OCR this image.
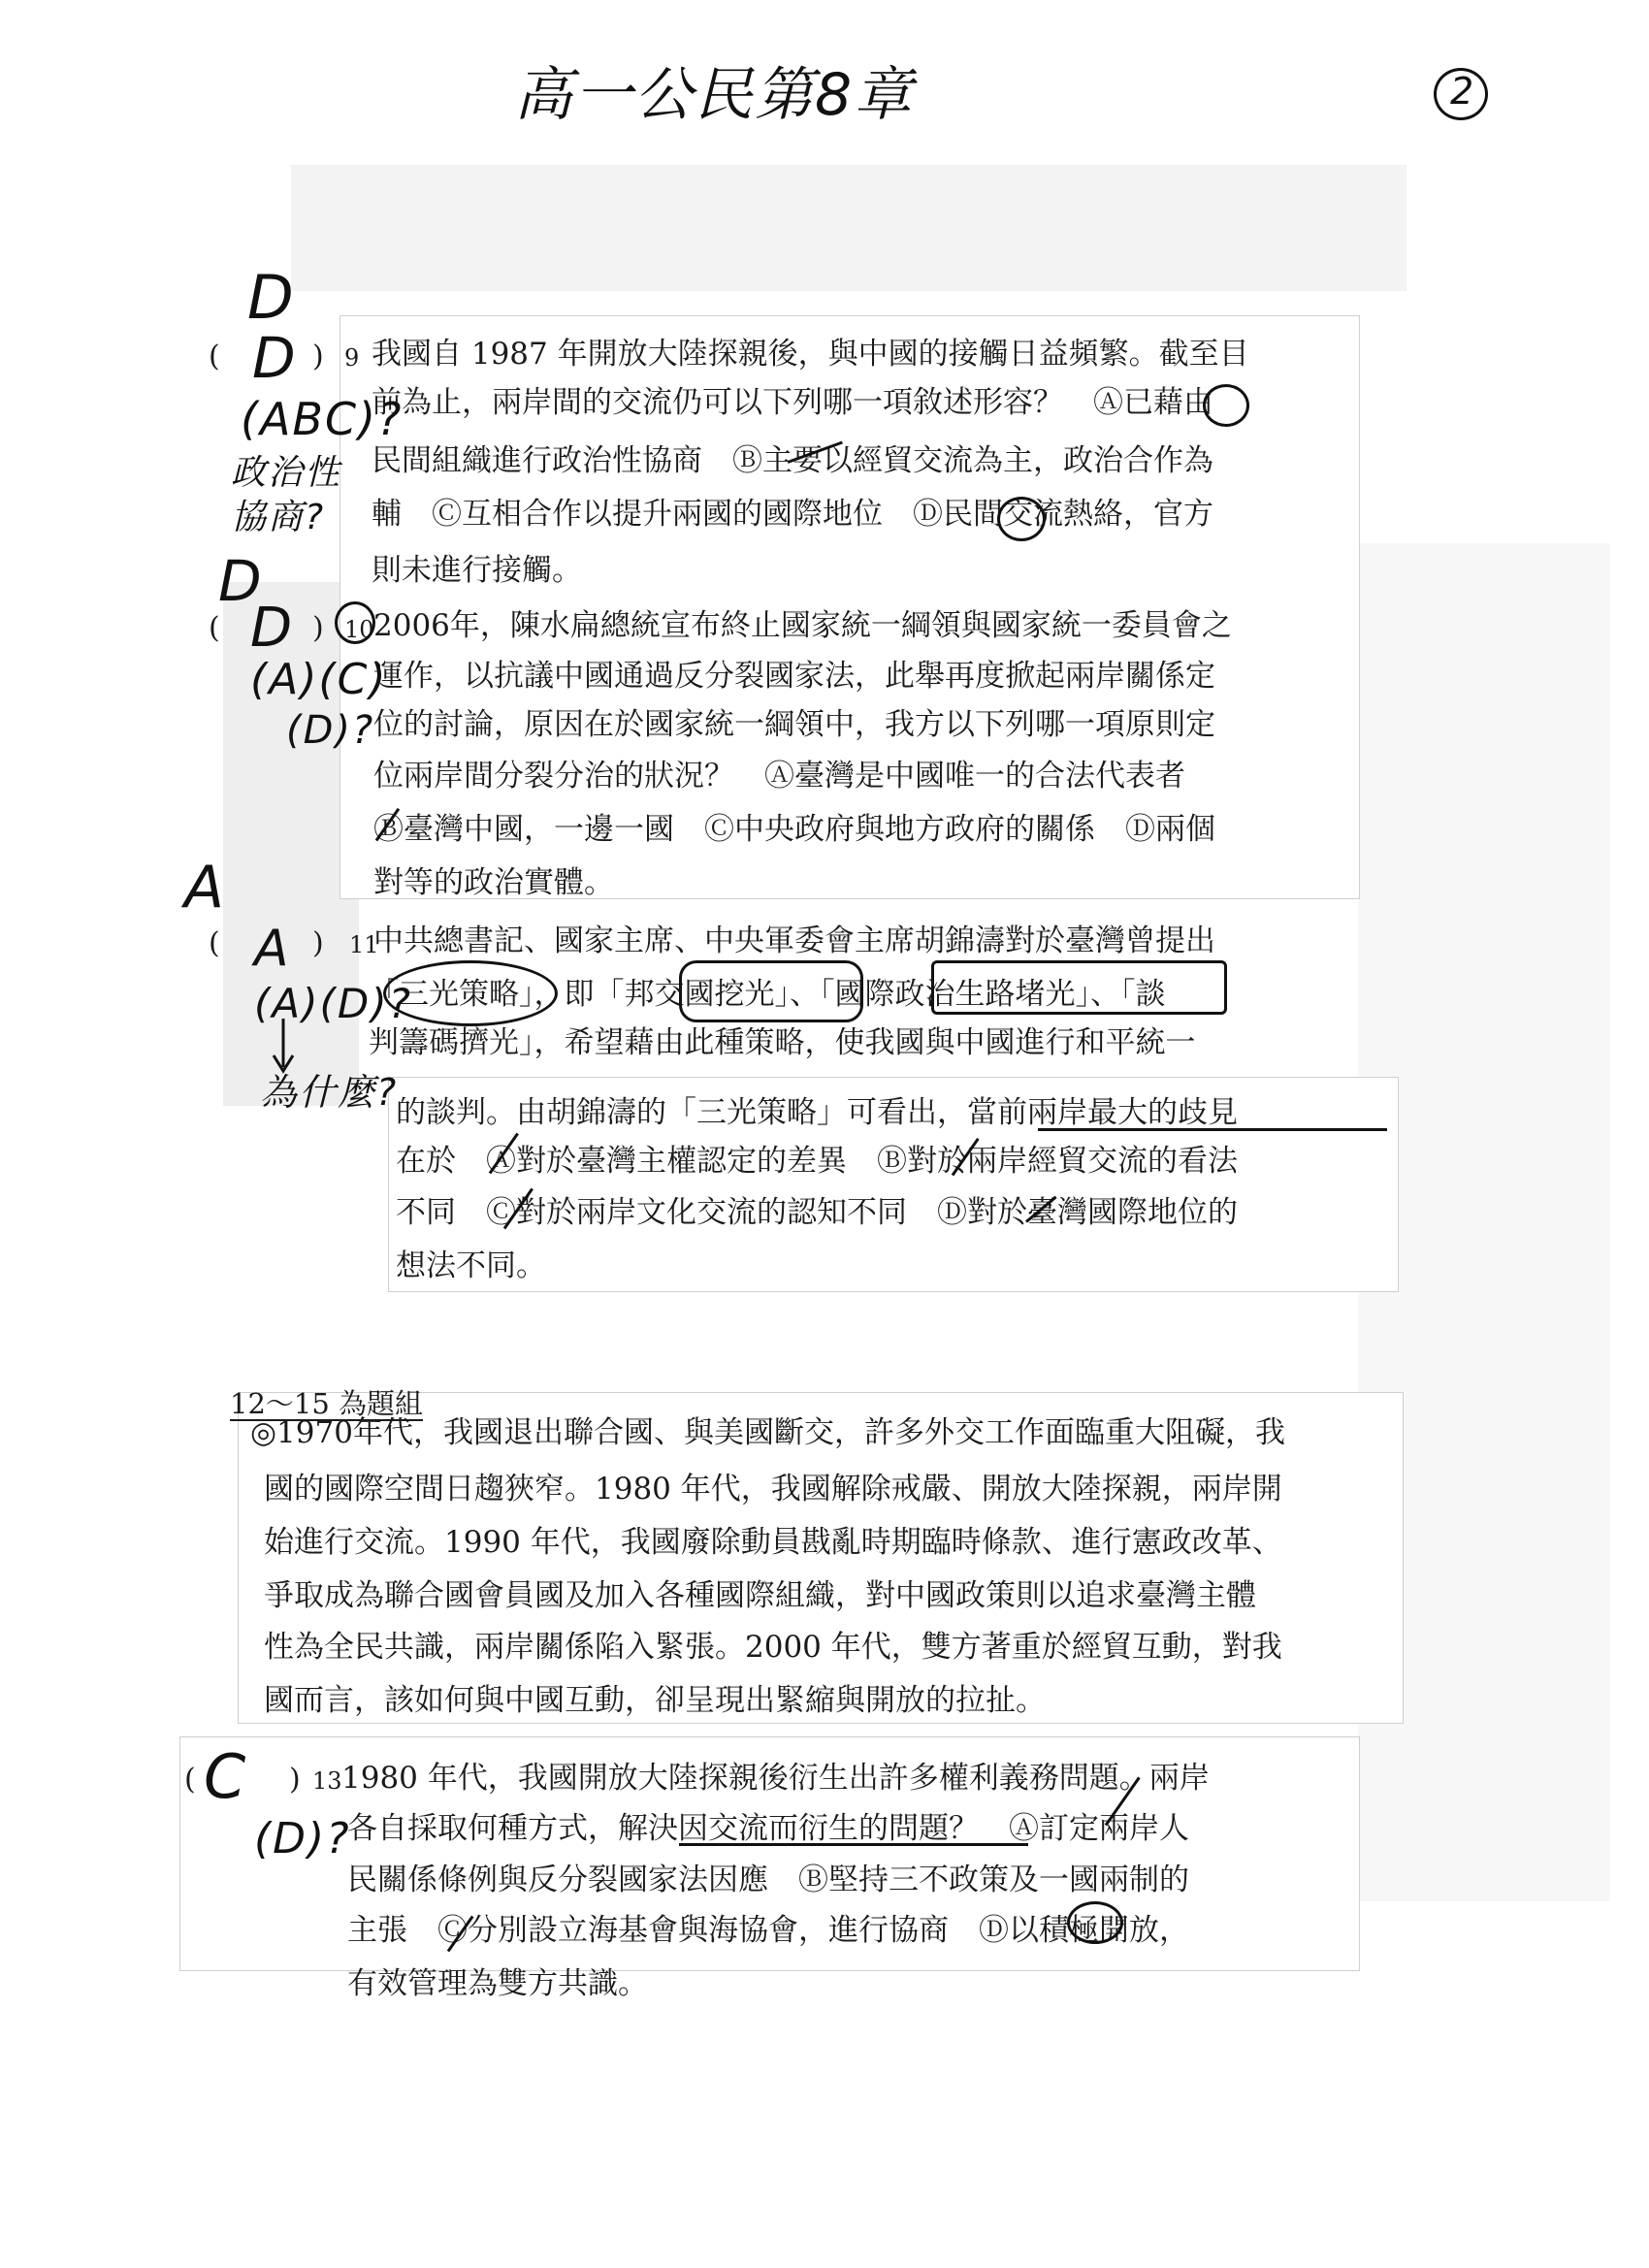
高一公民第8章	2
(	) 9 我國自 1987 年開放大陸探親後，與中國的接觸日益頻繁。截至目
前為止，兩岸間的交流仍可以下列哪一項敘述形容？　Ⓐ已藉由
民間組織進行政治性協商　Ⓑ主要以經貿交流為主，政治合作為
輔　Ⓒ互相合作以提升兩國的國際地位　Ⓓ民間交流熱絡，官方
則未進行接觸。
D
D
(ABC)?
政治性協商?
(	) 10 2006年，陳水扁總統宣布終止國家統一綱領與國家統一委員會之
運作，以抗議中國通過反分裂國家法，此舉再度掀起兩岸關係定
位的討論，原因在於國家統一綱領中，我方以下列哪一項原則定
位兩岸間分裂分治的狀況？　Ⓐ臺灣是中國唯一的合法代表者
Ⓑ臺灣中國，一邊一國　Ⓒ中央政府與地方政府的關係　Ⓓ兩個
對等的政治實體。
D
D
(A)(C)
(D)?
(	) 11
中共總書記、國家主席、中央軍委會主席胡錦濤對於臺灣曾提出
「三光策略」，即「邦交國挖光」、「國際政治生路堵光」、「談
判籌碼擠光」，希望藉由此種策略，使我國與中國進行和平統一
的談判。由胡錦濤的「三光策略」可看出，當前兩岸最大的歧見
在於　Ⓐ對於臺灣主權認定的差異　Ⓑ對於兩岸經貿交流的看法
不同　Ⓒ對於兩岸文化交流的認知不同　Ⓓ對於臺灣國際地位的
想法不同。
A
A
(A)(D)?
為什麼?
12～15 為題組
◎1970年代，我國退出聯合國、與美國斷交，許多外交工作面臨重大阻礙，我
國的國際空間日趨狹窄。1980 年代，我國解除戒嚴、開放大陸探親，兩岸開
始進行交流。1990 年代，我國廢除動員戡亂時期臨時條款、進行憲政改革、
爭取成為聯合國會員國及加入各種國際組織，對中國政策則以追求臺灣主體
性為全民共識，兩岸關係陷入緊張。2000 年代，雙方著重於經貿互動，對我
國而言，該如何與中國互動，卻呈現出緊縮與開放的拉扯。
(	) 13 1980 年代，我國開放大陸探親後衍生出許多權利義務問題。兩岸
各自採取何種方式，解決因交流而衍生的問題？　Ⓐ訂定兩岸人
民關係條例與反分裂國家法因應　Ⓑ堅持三不政策及一國兩制的
主張　Ⓒ分別設立海基會與海協會，進行協商　Ⓓ以積極開放，
有效管理為雙方共識。
C
(D)?
